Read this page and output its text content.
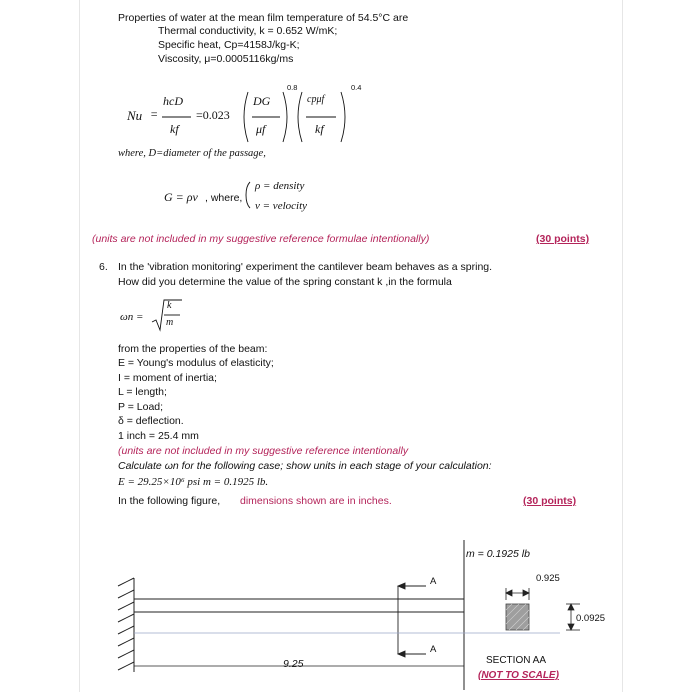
Properties of water at the mean film temperature of 54.5°C are
Thermal conductivity, k = 0.652 W/mK;
Specific heat, Cp=4158J/kg-K;
Viscosity, μ=0.0005116kg/ms
Nu =
hcD
kf
=0.023
DG
μf
0.8
cpμf
kf
0.4
where, D=diameter of the passage,
G = ρv , where,
ρ = density
v = velocity
(units are not included in my suggestive reference formulae intentionally)	(30 points)
6. In the 'vibration monitoring' experiment the cantilever beam behaves as a spring.
How did you determine the value of the spring constant k ,in the formula
ωn =
k
m
from the properties of the beam:
E = Young's modulus of elasticity;
I = moment of inertia;
L = length;
P = Load;
δ = deflection.
1 inch = 25.4 mm
(units are not included in my suggestive reference intentionally
Calculate ωn for the following case; show units in each stage of your calculation:
E = 29.25×10⁶ psi m = 0.1925 lb.
In the following figure, dimensions shown are in inches.	(30 points)
m = 0.1925 lb
A
A
9.25
0.925
0.0925
SECTION AA
(NOT TO SCALE)
